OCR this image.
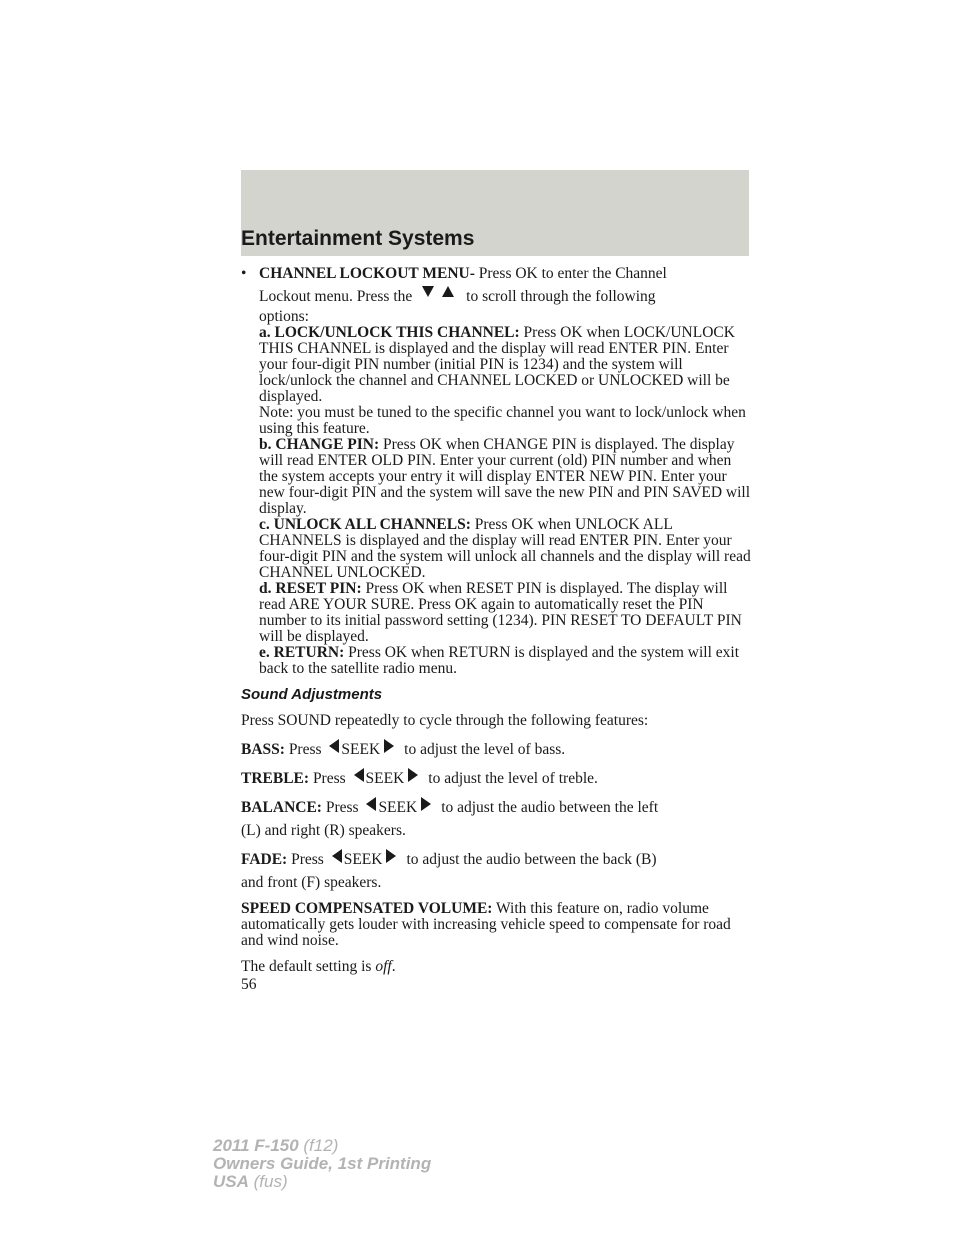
Entertainment Systems
• CHANNEL LOCKOUT MENU- Press OK to enter the Channel

Lockout menu. Press the	to scroll through the following

options:

a. LOCK/UNLOCK THIS CHANNEL: Press OK when LOCK/UNLOCK THIS CHANNEL is displayed and the display will read ENTER PIN. Enter your four-digit PIN number (initial PIN is 1234) and the system will lock/unlock the channel and CHANNEL LOCKED or UNLOCKED will be displayed.

Note: you must be tuned to the specific channel you want to lock/unlock when using this feature.

b. CHANGE PIN: Press OK when CHANGE PIN is displayed. The display will read ENTER OLD PIN. Enter your current (old) PIN number and when the system accepts your entry it will display ENTER NEW PIN. Enter your new four-digit PIN and the system will save the new PIN and PIN SAVED will display.

c. UNLOCK ALL CHANNELS: Press OK when UNLOCK ALL CHANNELS is displayed and the display will read ENTER PIN. Enter your four-digit PIN and the system will unlock all channels and the display will read CHANNEL UNLOCKED.

d. RESET PIN: Press OK when RESET PIN is displayed. The display will read ARE YOUR SURE. Press OK again to automatically reset the PIN number to its initial password setting (1234). PIN RESET TO DEFAULT PIN will be displayed.

e. RETURN: Press OK when RETURN is displayed and the system will exit back to the satellite radio menu.

Sound Adjustments

Press SOUND repeatedly to cycle through the following features:

BASS: Press SEEK to adjust the level of bass.

TREBLE: Press SEEK to adjust the level of treble.

BALANCE: Press SEEK to adjust the audio between the left

(L) and right (R) speakers.

FADE: Press SEEK to adjust the audio between the back (B)

and front (F) speakers.

SPEED COMPENSATED VOLUME: With this feature on, radio volume automatically gets louder with increasing vehicle speed to compensate for road and wind noise.

The default setting is off.

56
2011 F-150 (f12)
Owners Guide, 1st Printing
USA (fus)
